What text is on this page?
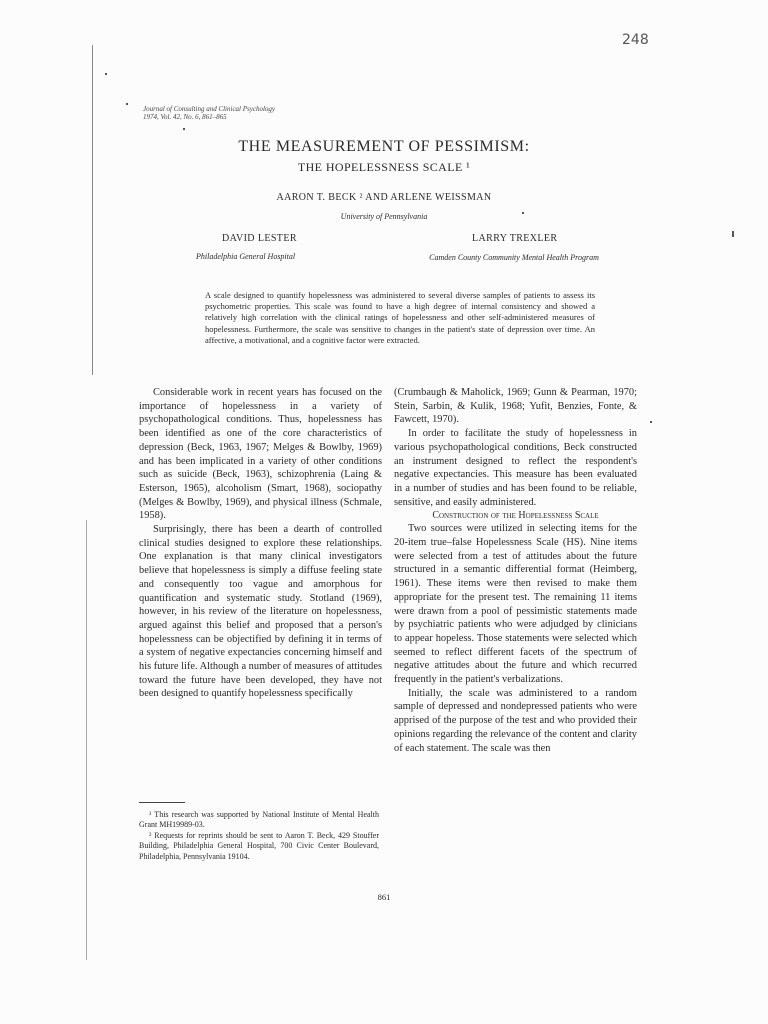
248
Journal of Consulting and Clinical Psychology
1974, Vol. 42, No. 6, 861–865
THE MEASUREMENT OF PESSIMISM:
THE HOPELESSNESS SCALE ¹
AARON T. BECK ² AND ARLENE WEISSMAN
University of Pennsylvania
DAVID LESTER	LARRY TREXLER
Philadelphia General Hospital	Camden County Community Mental Health Program
A scale designed to quantify hopelessness was administered to several diverse samples of patients to assess its psychometric properties. This scale was found to have a high degree of internal consistency and showed a relatively high correlation with the clinical ratings of hopelessness and other self-administered measures of hopelessness. Furthermore, the scale was sensitive to changes in the patient's state of depression over time. An affective, a motivational, and a cognitive factor were extracted.

Considerable work in recent years has focused on the importance of hopelessness in a variety of psychopathological conditions. Thus, hopelessness has been identified as one of the core characteristics of depression (Beck, 1963, 1967; Melges & Bowlby, 1969) and has been implicated in a variety of other conditions such as suicide (Beck, 1963), schizophrenia (Laing & Esterson, 1965), alcoholism (Smart, 1968), sociopathy (Melges & Bowlby, 1969), and physical illness (Schmale, 1958).

Surprisingly, there has been a dearth of controlled clinical studies designed to explore these relationships. One explanation is that many clinical investigators believe that hopelessness is simply a diffuse feeling state and consequently too vague and amorphous for quantification and systematic study. Stotland (1969), however, in his review of the literature on hopelessness, argued against this belief and proposed that a person's hopelessness can be objectified by defining it in terms of a system of negative expectancies concerning himself and his future life. Although a number of measures of attitudes toward the future have been developed, they have not been designed to quantify hopelessness specifically

(Crumbaugh & Maholick, 1969; Gunn & Pearman, 1970; Stein, Sarbin, & Kulik, 1968; Yufit, Benzies, Fonte, & Fawcett, 1970).

In order to facilitate the study of hopelessness in various psychopathological conditions, Beck constructed an instrument designed to reflect the respondent's negative expectancies. This measure has been evaluated in a number of studies and has been found to be reliable, sensitive, and easily administered.

Construction of the Hopelessness Scale

Two sources were utilized in selecting items for the 20-item true–false Hopelessness Scale (HS). Nine items were selected from a test of attitudes about the future structured in a semantic differential format (Heimberg, 1961). These items were then revised to make them appropriate for the present test. The remaining 11 items were drawn from a pool of pessimistic statements made by psychiatric patients who were adjudged by clinicians to appear hopeless. Those statements were selected which seemed to reflect different facets of the spectrum of negative attitudes about the future and which recurred frequently in the patient's verbalizations.

Initially, the scale was administered to a random sample of depressed and nondepressed patients who were apprised of the purpose of the test and who provided their opinions regarding the relevance of the content and clarity of each statement. The scale was then

¹ This research was supported by National Institute of Mental Health Grant MH19989-03.

² Requests for reprints should be sent to Aaron T. Beck, 429 Stouffer Building, Philadelphia General Hospital, 700 Civic Center Boulevard, Philadelphia, Pennsylvania 19104.

861
